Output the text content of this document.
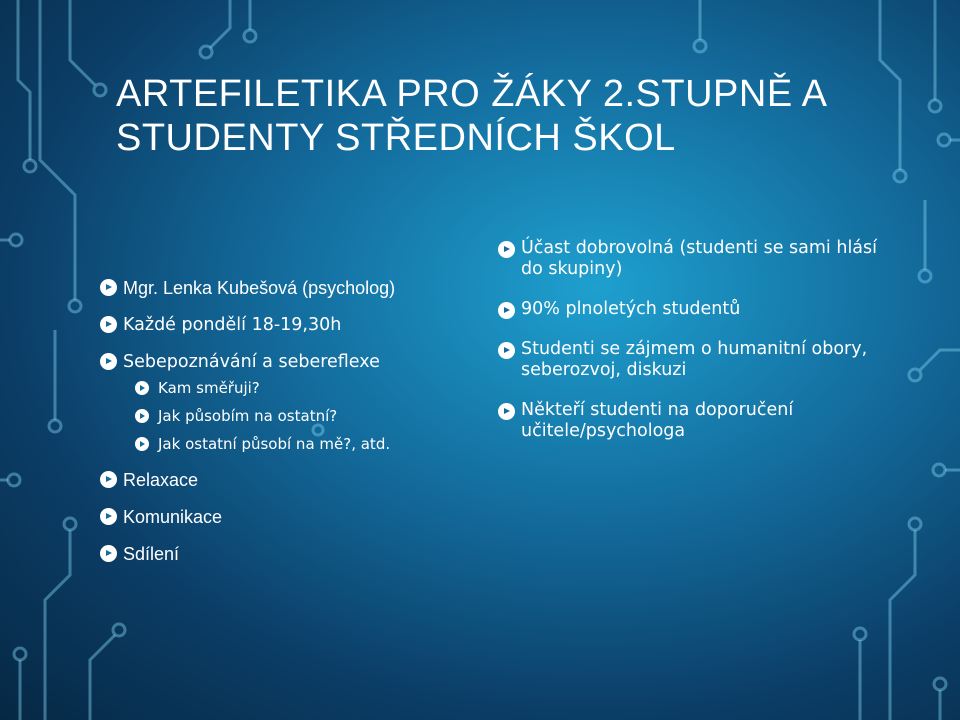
ARTEFILETIKA PRO ŽÁKY 2.STUPNĚ A STUDENTY STŘEDNÍCH ŠKOL
Mgr. Lenka Kubešová (psycholog)
Každé pondělí 18-19,30h
Sebepoznávání a sebereflexe
Kam směřuji?
Jak působím na ostatní?
Jak ostatní působí na mě?, atd.
Relaxace
Komunikace
Sdílení
Účast dobrovolná (studenti se sami hlásí do skupiny)
90% plnoletých studentů
Studenti se zájmem o humanitní obory, seberozvoj, diskuzi
Někteří studenti na doporučení učitele/psychologa
